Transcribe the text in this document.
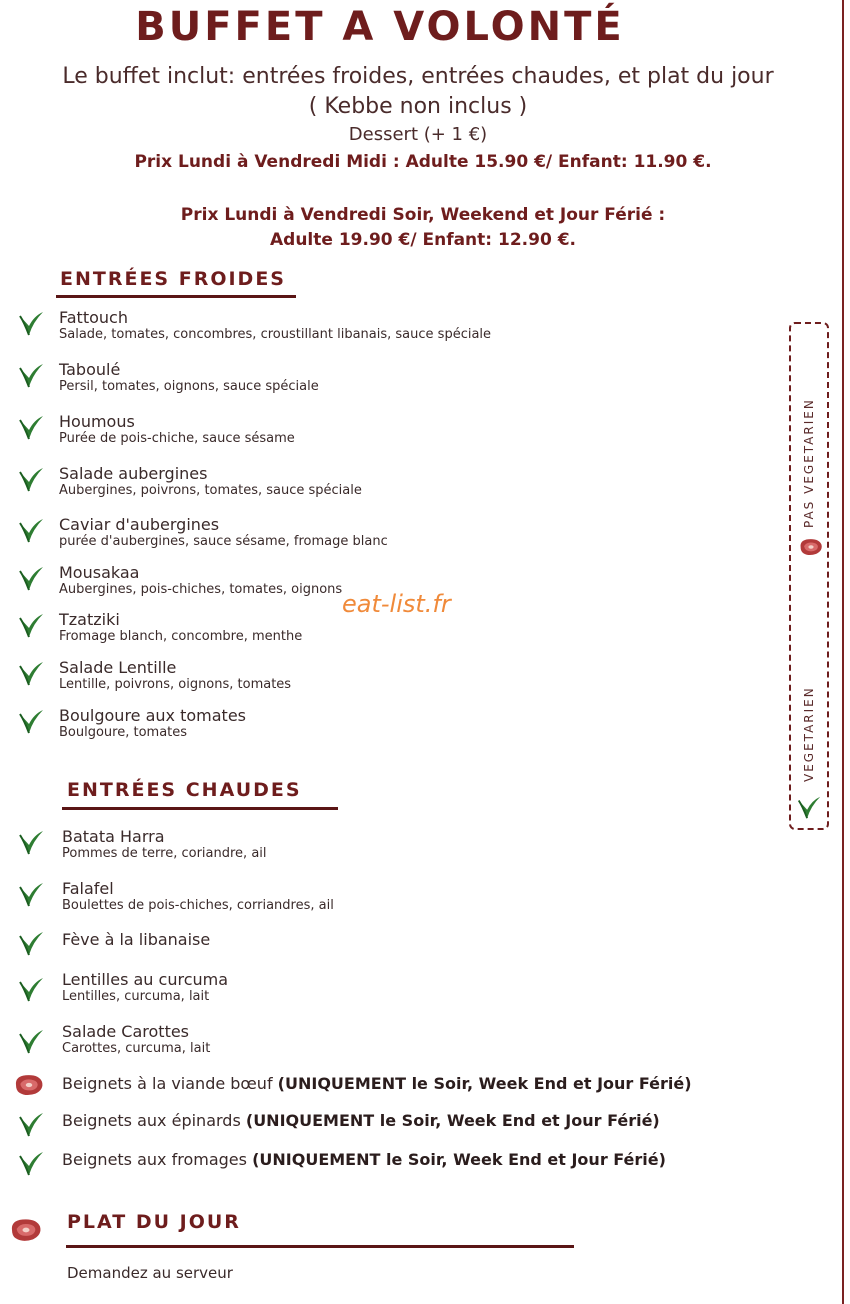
BUFFET A VOLONTÉ
Le buffet inclut: entrées froides, entrées chaudes, et plat du jour
( Kebbe non inclus )
Dessert (+ 1 €)
Prix Lundi à Vendredi Midi : Adulte 15.90 €/ Enfant: 11.90 €.
Prix Lundi à Vendredi Soir, Weekend et Jour Férié :
Adulte 19.90 €/ Enfant: 12.90 €.
ENTRÉES FROIDES
Fattouch
Salade, tomates, concombres, croustillant libanais, sauce spéciale
Taboulé
Persil, tomates, oignons, sauce spéciale
Houmous
Purée de pois-chiche, sauce sésame
Salade aubergines
Aubergines, poivrons, tomates, sauce spéciale
Caviar d'aubergines
purée d'aubergines, sauce sésame, fromage blanc
Mousakaa
Aubergines, pois-chiches, tomates, oignons
Tzatziki
Fromage blanch, concombre, menthe
Salade Lentille
Lentille, poivrons, oignons, tomates
Boulgoure aux tomates
Boulgoure, tomates
PAS VEGETARIEN
VEGETARIEN
eat-list.fr
ENTRÉES CHAUDES
Batata Harra
Pommes de terre, coriandre, ail
Falafel
Boulettes de pois-chiches, corriandres, ail
Fève à la libanaise
Lentilles au curcuma
Lentilles, curcuma, lait
Salade Carottes
Carottes, curcuma, lait
Beignets à la viande bœuf (UNIQUEMENT le Soir, Week End et Jour Férié)
Beignets aux épinards (UNIQUEMENT le Soir, Week End et Jour Férié)
Beignets aux fromages (UNIQUEMENT le Soir, Week End et Jour Férié)
PLAT DU JOUR
Demandez au serveur
